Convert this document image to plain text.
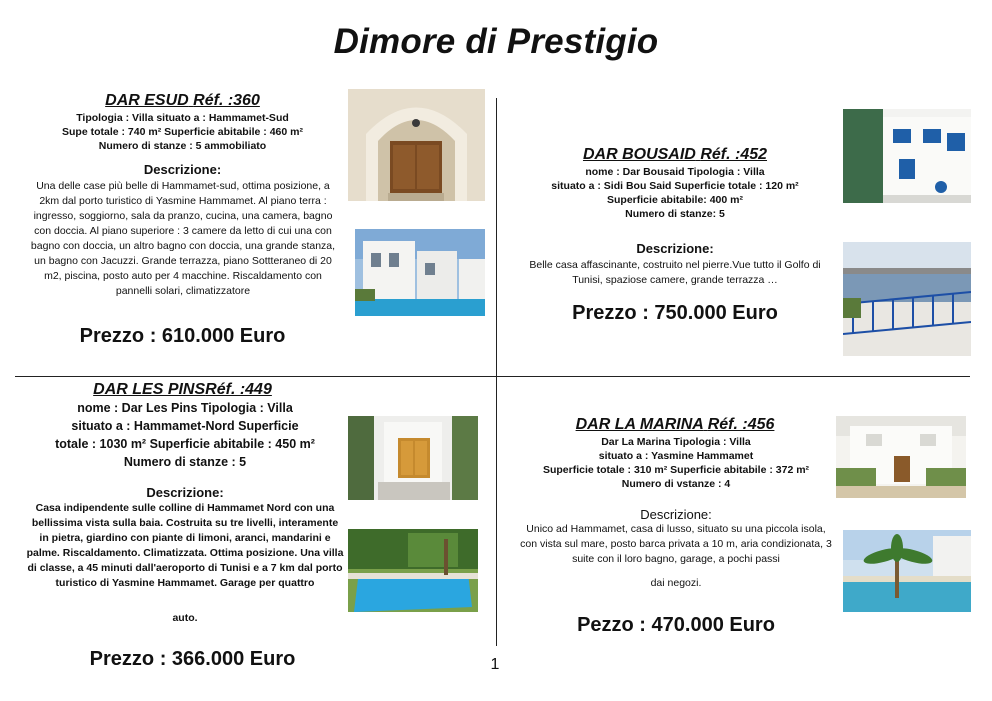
Dimore di Prestigio
DAR ESUD Réf. :360
Tipologia : Villa situato a : Hammamet-Sud
Supe totale : 740 m² Superficie abitabile : 460 m²
Numero di stanze : 5 ammobiliato
Descrizione:
Una delle case più belle di Hammamet-sud, ottima posizione, a 2km dal porto turistico di Yasmine Hammamet. Al piano terra : ingresso, soggiorno, sala da pranzo, cucina, una camera, bagno con doccia. Al piano superiore : 3 camere da letto di cui una con bagno con doccia, un altro bagno con doccia, una grande stanza, un bagno con Jacuzzi. Grande terrazza, piano Sottteraneo di 20 m2, piscina, posto auto per 4 macchine. Riscaldamento con pannelli solari, climatizzatore
Prezzo : 610.000 Euro
DAR BOUSAID Réf. :452
nome : Dar Bousaid Tipologia : Villa
situato a : Sidi Bou Said Superficie totale : 120 m²
Superficie abitabile: 400 m²
Numero di stanze: 5
Descrizione:
Belle casa affascinante, costruito nel pierre.Vue tutto il Golfo di Tunisi, spaziose camere, grande terrazza …
Prezzo : 750.000 Euro
DAR LES PINSRéf. :449
nome : Dar Les Pins Tipologia : Villa
situato a : Hammamet-Nord Superficie
totale : 1030 m² Superficie abitabile : 450 m²
Numero di stanze : 5
Descrizione:
Casa indipendente sulle colline di Hammamet Nord con una bellissima vista sulla baia. Costruita su tre livelli, interamente in pietra, giardino con piante di limoni, aranci, mandarini e palme. Riscaldamento. Climatizzata. Ottima posizione. Una villa di classe, a 45 minuti dall'aeroporto di Tunisi e a 7 km dal porto turistico di Yasmine Hammamet. Garage per quattro
auto.
Prezzo : 366.000 Euro
DAR LA MARINA Réf. :456
Dar La Marina Tipologia : Villa
situato a : Yasmine Hammamet
Superficie totale : 310 m² Superficie abitabile : 372 m²
Numero di vstanze : 4
Descrizione:
Unico ad Hammamet, casa di lusso, situato su una piccola isola, con vista sul mare, posto barca privata a 10 m, aria condizionata, 3 suite con il loro bagno, garage, a pochi passi
dai negozi.
Pezzo : 470.000 Euro
1
